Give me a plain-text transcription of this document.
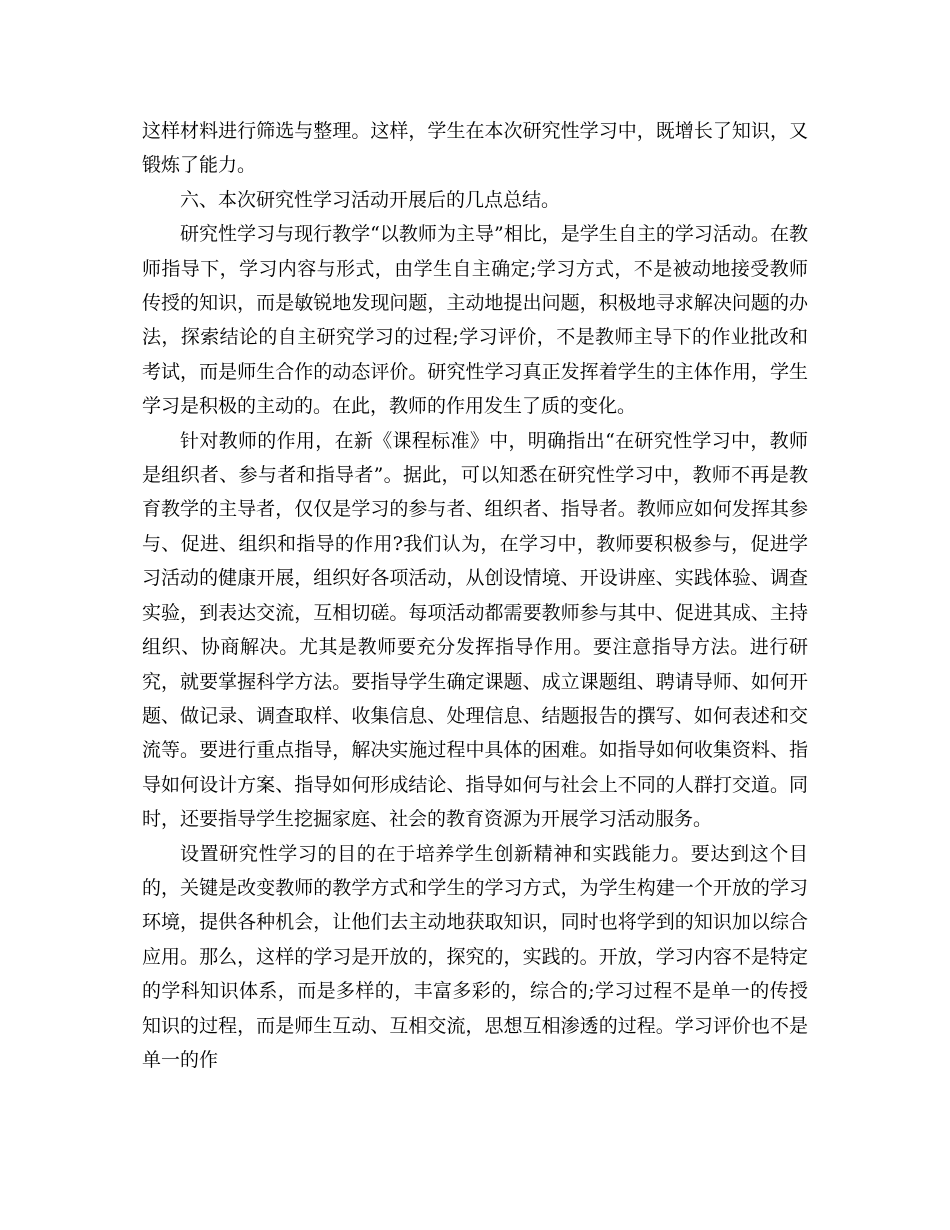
这样材料进行筛选与整理。这样，学生在本次研究性学习中，既增长了知识，又锻炼了能力。

六、本次研究性学习活动开展后的几点总结。

研究性学习与现行教学“以教师为主导”相比，是学生自主的学习活动。在教师指导下，学习内容与形式，由学生自主确定;学习方式，不是被动地接受教师传授的知识，而是敏锐地发现问题，主动地提出问题，积极地寻求解决问题的办法，探索结论的自主研究学习的过程;学习评价，不是教师主导下的作业批改和考试，而是师生合作的动态评价。研究性学习真正发挥着学生的主体作用，学生学习是积极的主动的。在此，教师的作用发生了质的变化。

针对教师的作用，在新《课程标准》中，明确指出“在研究性学习中，教师是组织者、参与者和指导者”。据此，可以知悉在研究性学习中，教师不再是教育教学的主导者，仅仅是学习的参与者、组织者、指导者。教师应如何发挥其参与、促进、组织和指导的作用?我们认为，在学习中，教师要积极参与，促进学习活动的健康开展，组织好各项活动，从创设情境、开设讲座、实践体验、调查实验，到表达交流，互相切磋。每项活动都需要教师参与其中、促进其成、主持组织、协商解决。尤其是教师要充分发挥指导作用。要注意指导方法。进行研究，就要掌握科学方法。要指导学生确定课题、成立课题组、聘请导师、如何开题、做记录、调查取样、收集信息、处理信息、结题报告的撰写、如何表述和交流等。要进行重点指导，解决实施过程中具体的困难。如指导如何收集资料、指导如何设计方案、指导如何形成结论、指导如何与社会上不同的人群打交道。同时，还要指导学生挖掘家庭、社会的教育资源为开展学习活动服务。

设置研究性学习的目的在于培养学生创新精神和实践能力。要达到这个目的，关键是改变教师的教学方式和学生的学习方式，为学生构建一个开放的学习环境，提供各种机会，让他们去主动地获取知识，同时也将学到的知识加以综合应用。那么，这样的学习是开放的，探究的，实践的。开放，学习内容不是特定的学科知识体系，而是多样的，丰富多彩的，综合的;学习过程不是单一的传授知识的过程，而是师生互动、互相交流，思想互相渗透的过程。学习评价也不是单一的作
